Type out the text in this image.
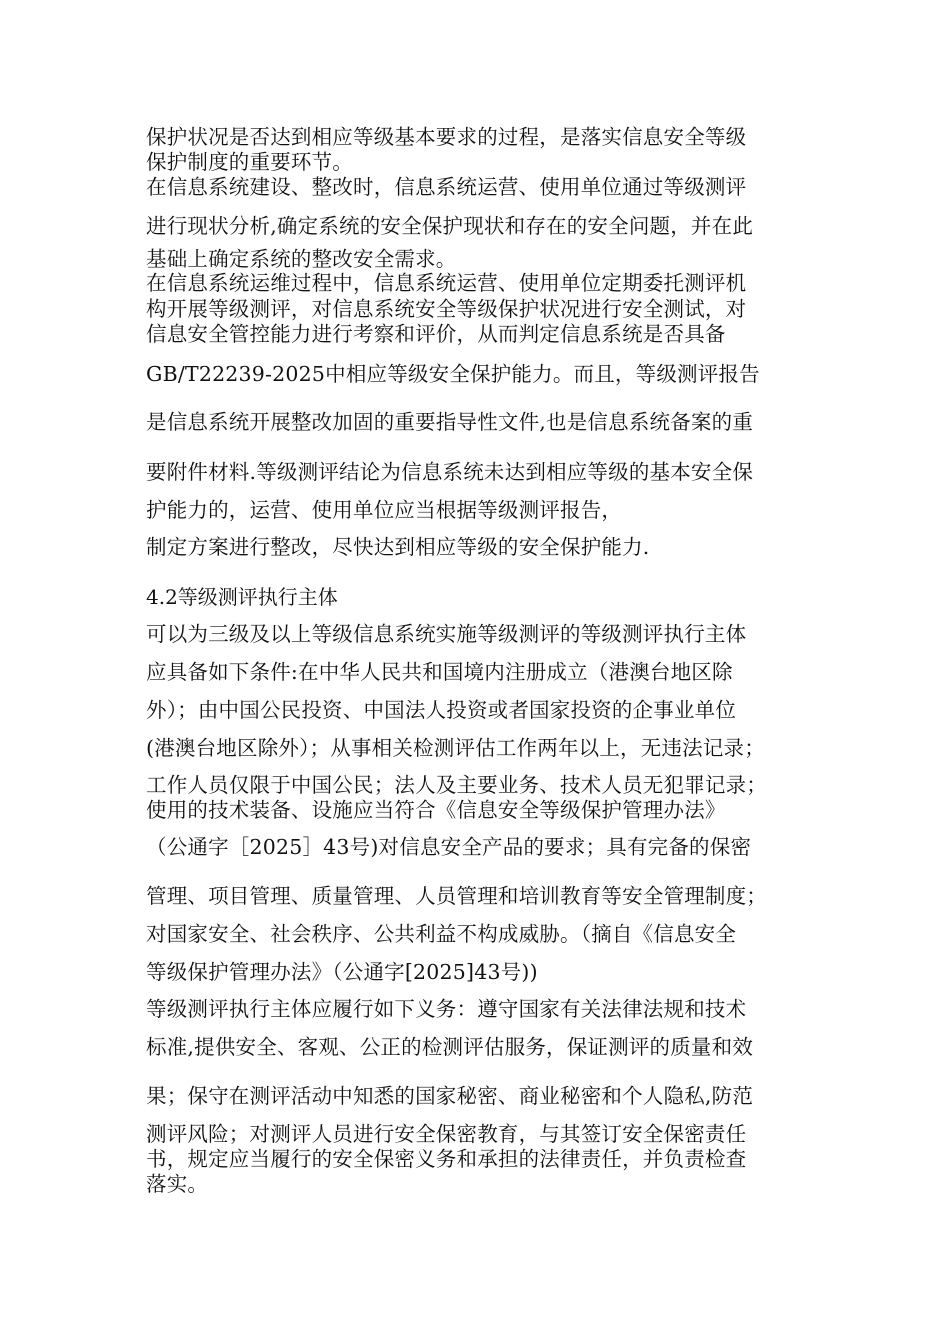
保护状况是否达到相应等级基本要求的过程，是落实信息安全等级
保护制度的重要环节。
在信息系统建设、整改时，信息系统运营、使用单位通过等级测评
进行现状分析,确定系统的安全保护现状和存在的安全问题，并在此
基础上确定系统的整改安全需求。
在信息系统运维过程中，信息系统运营、使用单位定期委托测评机
构开展等级测评，对信息系统安全等级保护状况进行安全测试，对
信息安全管控能力进行考察和评价，从而判定信息系统是否具备
GB/T22239-2025中相应等级安全保护能力。而且，等级测评报告
是信息系统开展整改加固的重要指导性文件,也是信息系统备案的重
要附件材料.等级测评结论为信息系统未达到相应等级的基本安全保
护能力的，运营、使用单位应当根据等级测评报告，
制定方案进行整改，尽快达到相应等级的安全保护能力.
4.2等级测评执行主体
可以为三级及以上等级信息系统实施等级测评的等级测评执行主体
应具备如下条件:在中华人民共和国境内注册成立（港澳台地区除
外）；由中国公民投资、中国法人投资或者国家投资的企事业单位
(港澳台地区除外）；从事相关检测评估工作两年以上，无违法记录；
工作人员仅限于中国公民；法人及主要业务、技术人员无犯罪记录；
使用的技术装备、设施应当符合《信息安全等级保护管理办法》
（公通字［2025］43号)对信息安全产品的要求；具有完备的保密
管理、项目管理、质量管理、人员管理和培训教育等安全管理制度；
对国家安全、社会秩序、公共利益不构成威胁。（摘自《信息安全
等级保护管理办法》（公通字[2025]43号))
等级测评执行主体应履行如下义务：遵守国家有关法律法规和技术
标准,提供安全、客观、公正的检测评估服务，保证测评的质量和效
果；保守在测评活动中知悉的国家秘密、商业秘密和个人隐私,防范
测评风险；对测评人员进行安全保密教育，与其签订安全保密责任
书，规定应当履行的安全保密义务和承担的法律责任，并负责检查
落实。
